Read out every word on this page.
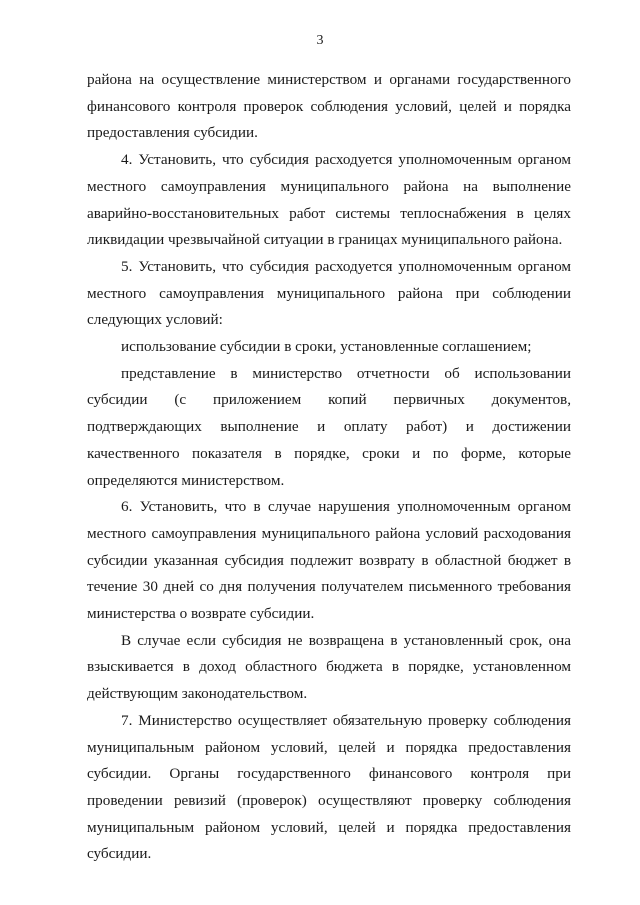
3

района на осуществление министерством и органами государственного финансового контроля проверок соблюдения условий, целей и порядка предоставления субсидии.

4. Установить, что субсидия расходуется уполномоченным органом местного самоуправления муниципального района на выполнение аварийно-восстановительных работ системы теплоснабжения в целях ликвидации чрезвычайной ситуации в границах муниципального района.

5. Установить, что субсидия расходуется уполномоченным органом местного самоуправления муниципального района при соблюдении следующих условий:

использование субсидии в сроки, установленные соглашением;

представление в министерство отчетности об использовании субсидии (с приложением копий первичных документов, подтверждающих выполнение и оплату работ) и достижении качественного показателя в порядке, сроки и по форме, которые определяются министерством.

6. Установить, что в случае нарушения уполномоченным органом местного самоуправления муниципального района условий расходования субсидии указанная субсидия подлежит возврату в областной бюджет в течение 30 дней со дня получения получателем письменного требования министерства о возврате субсидии.

В случае если субсидия не возвращена в установленный срок, она взыскивается в доход областного бюджета в порядке, установленном действующим законодательством.

7. Министерство осуществляет обязательную проверку соблюдения муниципальным районом условий, целей и порядка предоставления субсидии. Органы государственного финансового контроля при проведении ревизий (проверок) осуществляют проверку соблюдения муниципальным районом условий, целей и порядка предоставления субсидии.
